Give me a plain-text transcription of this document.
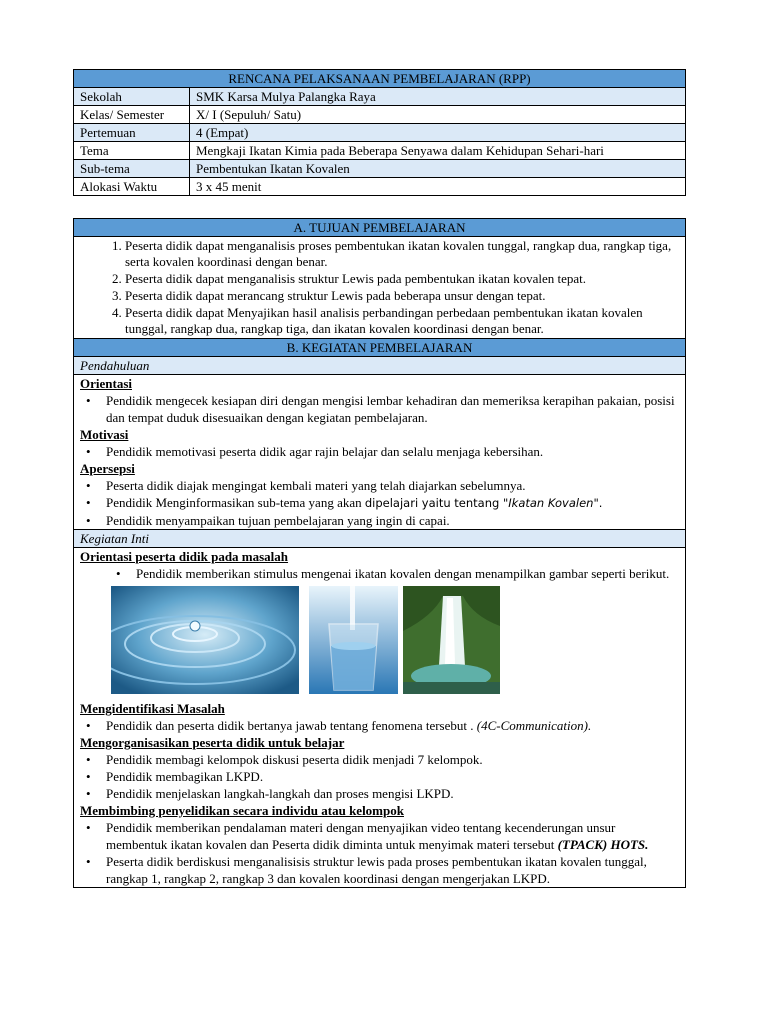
RENCANA PELAKSANAAN PEMBELAJARAN (RPP)	
Sekolah	SMK Karsa Mulya Palangka Raya
Kelas/ Semester	X/ I (Sepuluh/ Satu)
Pertemuan	4 (Empat)
Tema	Mengkaji Ikatan Kimia pada Beberapa Senyawa dalam Kehidupan Sehari-hari
Sub-tema	Pembentukan Ikatan Kovalen
Alokasi Waktu	3 x 45 menit
A. TUJUAN PEMBELAJARAN

1. Peserta didik dapat menganalisis proses pembentukan ikatan kovalen tunggal, rangkap dua, rangkap tiga, serta kovalen koordinasi dengan benar.
2. Peserta didik dapat menganalisis struktur Lewis pada pembentukan ikatan kovalen tepat.
3. Peserta didik dapat merancang struktur Lewis pada beberapa unsur dengan tepat.
4. Peserta didik dapat Menyajikan hasil analisis perbandingan perbedaan pembentukan ikatan kovalen tunggal, rangkap dua, rangkap tiga, dan ikatan kovalen koordinasi dengan benar.

B. KEGIATAN PEMBELAJARAN
Pendahuluan

Orientasi
• Pendidik mengecek kesiapan diri dengan mengisi lembar kehadiran dan memeriksa kerapihan pakaian, posisi dan tempat duduk disesuaikan dengan kegiatan pembelajaran.
Motivasi
• Pendidik memotivasi peserta didik agar rajin belajar dan selalu menjaga kebersihan.
Apersepsi
• Peserta didik diajak mengingat kembali materi yang telah diajarkan sebelumnya.
• Pendidik Menginformasikan sub-tema yang akan dipelajari yaitu tentang "Ikatan Kovalen".
• Pendidik menyampaikan tujuan pembelajaran yang ingin di capai.

Kegiatan Inti

Orientasi peserta didik pada masalah
• Pendidik memberikan stimulus mengenai ikatan kovalen dengan menampilkan gambar seperti berikut.
Mengidentifikasi Masalah
• Pendidik dan peserta didik bertanya jawab tentang fenomena tersebut . (4C-Communication).
Mengorganisasikan peserta didik untuk belajar
• Pendidik membagi kelompok diskusi peserta didik menjadi 7 kelompok.
• Pendidik membagikan LKPD.
• Pendidik menjelaskan langkah-langkah dan proses mengisi LKPD.
Membimbing penyelidikan secara individu atau kelompok
• Pendidik memberikan pendalaman materi dengan menyajikan video tentang kecenderungan unsur membentuk ikatan kovalen dan Peserta didik diminta untuk menyimak materi tersebut (TPACK) HOTS.
• Peserta didik berdiskusi menganalisisis struktur lewis pada proses pembentukan ikatan kovalen tunggal, rangkap 1, rangkap 2, rangkap 3 dan kovalen koordinasi dengan mengerjakan LKPD.
